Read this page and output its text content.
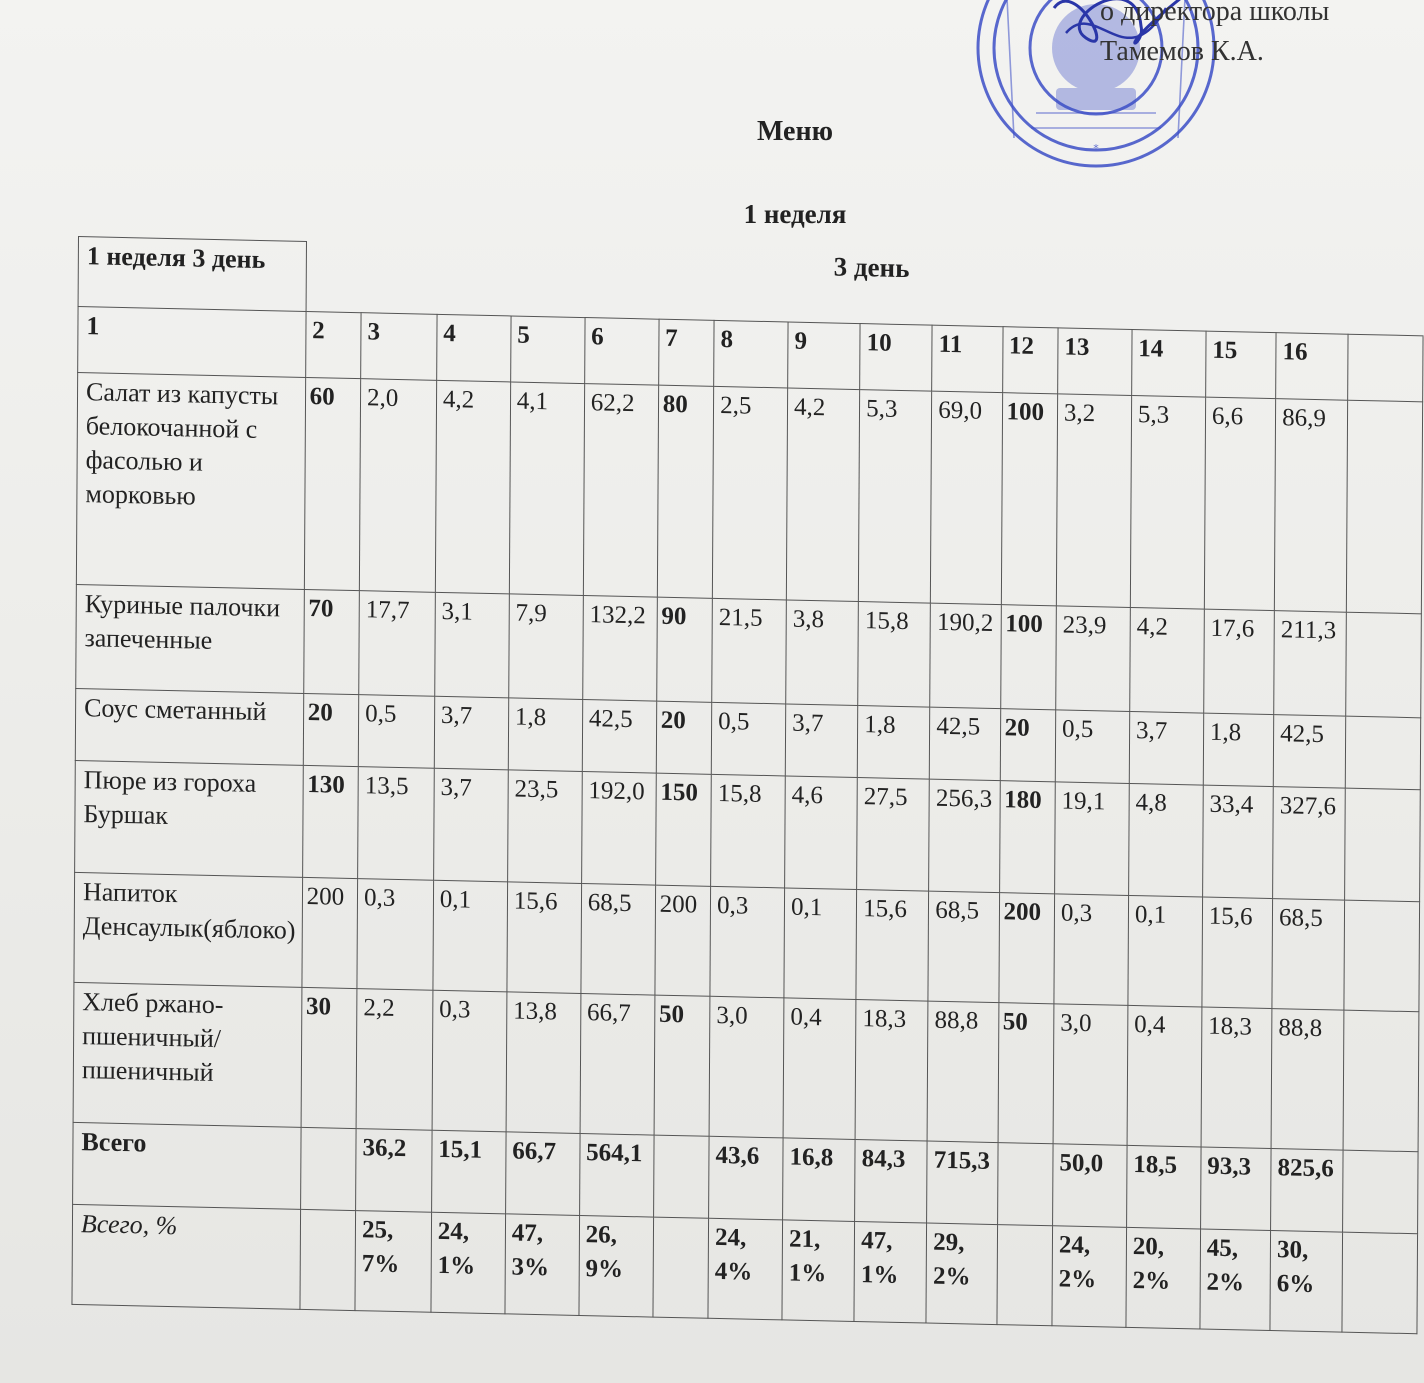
*
о директора школы
Тамемов К.А.
Меню
1 неделя
1 неделя 3 день	3 день															

1	2	3	4	5	6	7	8	9	10	11	12	13	14	15	16	
Салат из капусты белокочанной с фасолью и морковью	60	2,0	4,2	4,1	62,2	80	2,5	4,2	5,3	69,0	100	3,2	5,3	6,6	86,9	
Куриные палочки запеченные	70	17,7	3,1	7,9	132,2	90	21,5	3,8	15,8	190,2	100	23,9	4,2	17,6	211,3	
Соус сметанный	20	0,5	3,7	1,8	42,5	20	0,5	3,7	1,8	42,5	20	0,5	3,7	1,8	42,5	
Пюре из гороха Буршак	130	13,5	3,7	23,5	192,0	150	15,8	4,6	27,5	256,3	180	19,1	4,8	33,4	327,6	
Напиток Денсаулык(яблоко)	200	0,3	0,1	15,6	68,5	200	0,3	0,1	15,6	68,5	200	0,3	0,1	15,6	68,5	
Хлеб ржано-пшеничный/ пшеничный	30	2,2	0,3	13,8	66,7	50	3,0	0,4	18,3	88,8	50	3,0	0,4	18,3	88,8	
Всего		36,2	15,1	66,7	564,1		43,6	16,8	84,3	715,3		50,0	18,5	93,3	825,6	
Всего, %		25,7%	24,1%	47,3%	26,9%		24,4%	21,1%	47,1%	29,2%		24,2%	20,2%	45,2%	30,6%	
